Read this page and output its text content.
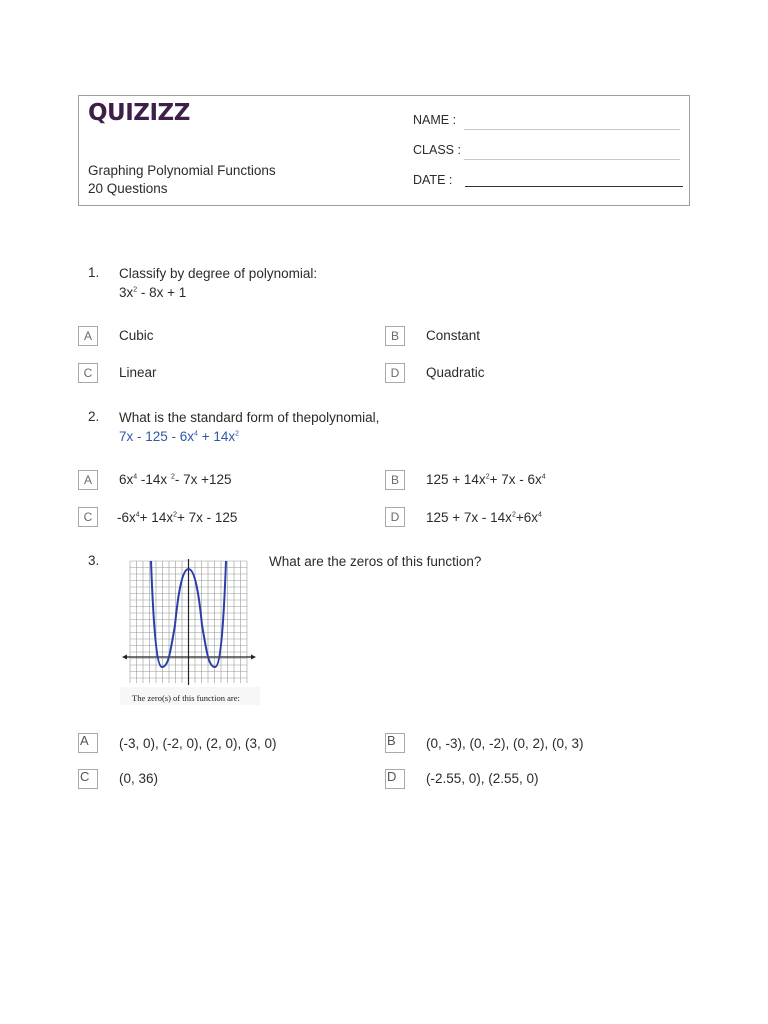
QUIZIZZ
Graphing Polynomial Functions
20 Questions
NAME :
CLASS :
DATE :
1. Classify by degree of polynomial:
$3x^2 - 8x + 1$
A	Cubic	B	Constant
C	Linear	D	Quadratic
2. What is the standard form of thepolynomial,
$7x - 125 - 6x^4 + 14x^2$
A	$6x^4$ -14x $^2$- 7x +125	B	$125 + 14x^2+ 7x - 6x^4$
C	$-6x^4+ 14x^2+ 7x - 125$	D	$125 + 7x - 14x^2+6x^4$
3.	What are the zeros of this function?
The zero(s) of this function are:
A	(-3, 0), (-2, 0), (2, 0), (3, 0)	B	(0, -3), (0, -2), (0, 2), (0, 3)
C	(0, 36)	D	(-2.55, 0), (2.55, 0)
